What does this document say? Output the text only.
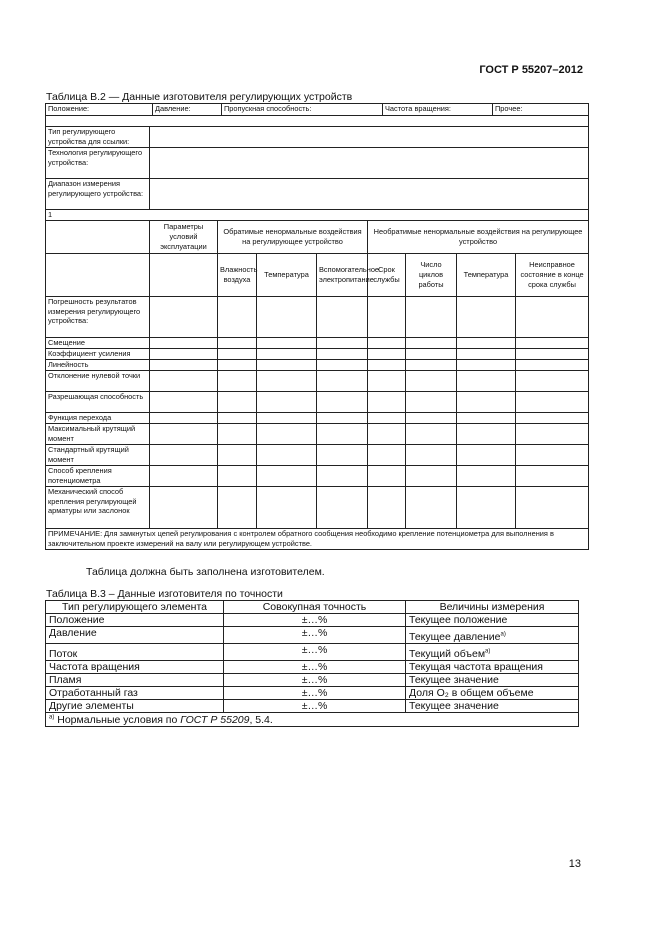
ГОСТ Р 55207–2012
Таблица В.2 — Данные изготовителя регулирующих устройств
Положение: Давление: Пропускная способность: Частота вращения: Прочее:								

Тип регулирующего устройства для ссылки:								
Технология регулирующего устройства:								
Диапазон измерения регулирующего устройства:								
1								
	Параметры условий эксплуатации	Обратимые ненормальные воздействия на регулирующее устройство			Необратимые ненормальные воздействия на регулирующее устройство			
		Влажность воздуха	Температура	Вспомогательное электропитание	Срок службы	Число циклов работы	Температура	Неисправное состояние в конце срока службы
Погрешность результатов измерения регулирующего устройства:								
Смещение								
Коэффициент усиления								
Линейность								
Отклонение нулевой точки								
Разрешающая способность								
Функция перехода								
Максимальный крутящий момент								
Стандартный крутящий момент								
Способ крепления потенциометра								
Механический способ крепления регулирующей арматуры или заслонок								
ПРИМЕЧАНИЕ: Для замкнутых цепей регулирования с контролем обратного сообщения необходимо крепление потенциометра для выполнения в заключительном проекте измерений на валу или регулирующем устройстве.								
Таблица должна быть заполнена изготовителем.
Таблица В.3 – Данные изготовителя по точности
Тип регулирующего элемента	Совокупная точность	Величины измерения
Положение	±…%	Текущее положение
Давление	±…%	Текущее давление$^{a)}$
Поток	±…%	Текущий объем$^{a)}$
Частота вращения	±…%	Текущая частота вращения
Пламя	±…%	Текущее значение
Отработанный газ	±…%	Доля O₂ в общем объеме
Другие элементы	±…%	Текущее значение
$^{a)}$ Нормальные условия по ГОСТ Р 55209, 5.4.		
13
